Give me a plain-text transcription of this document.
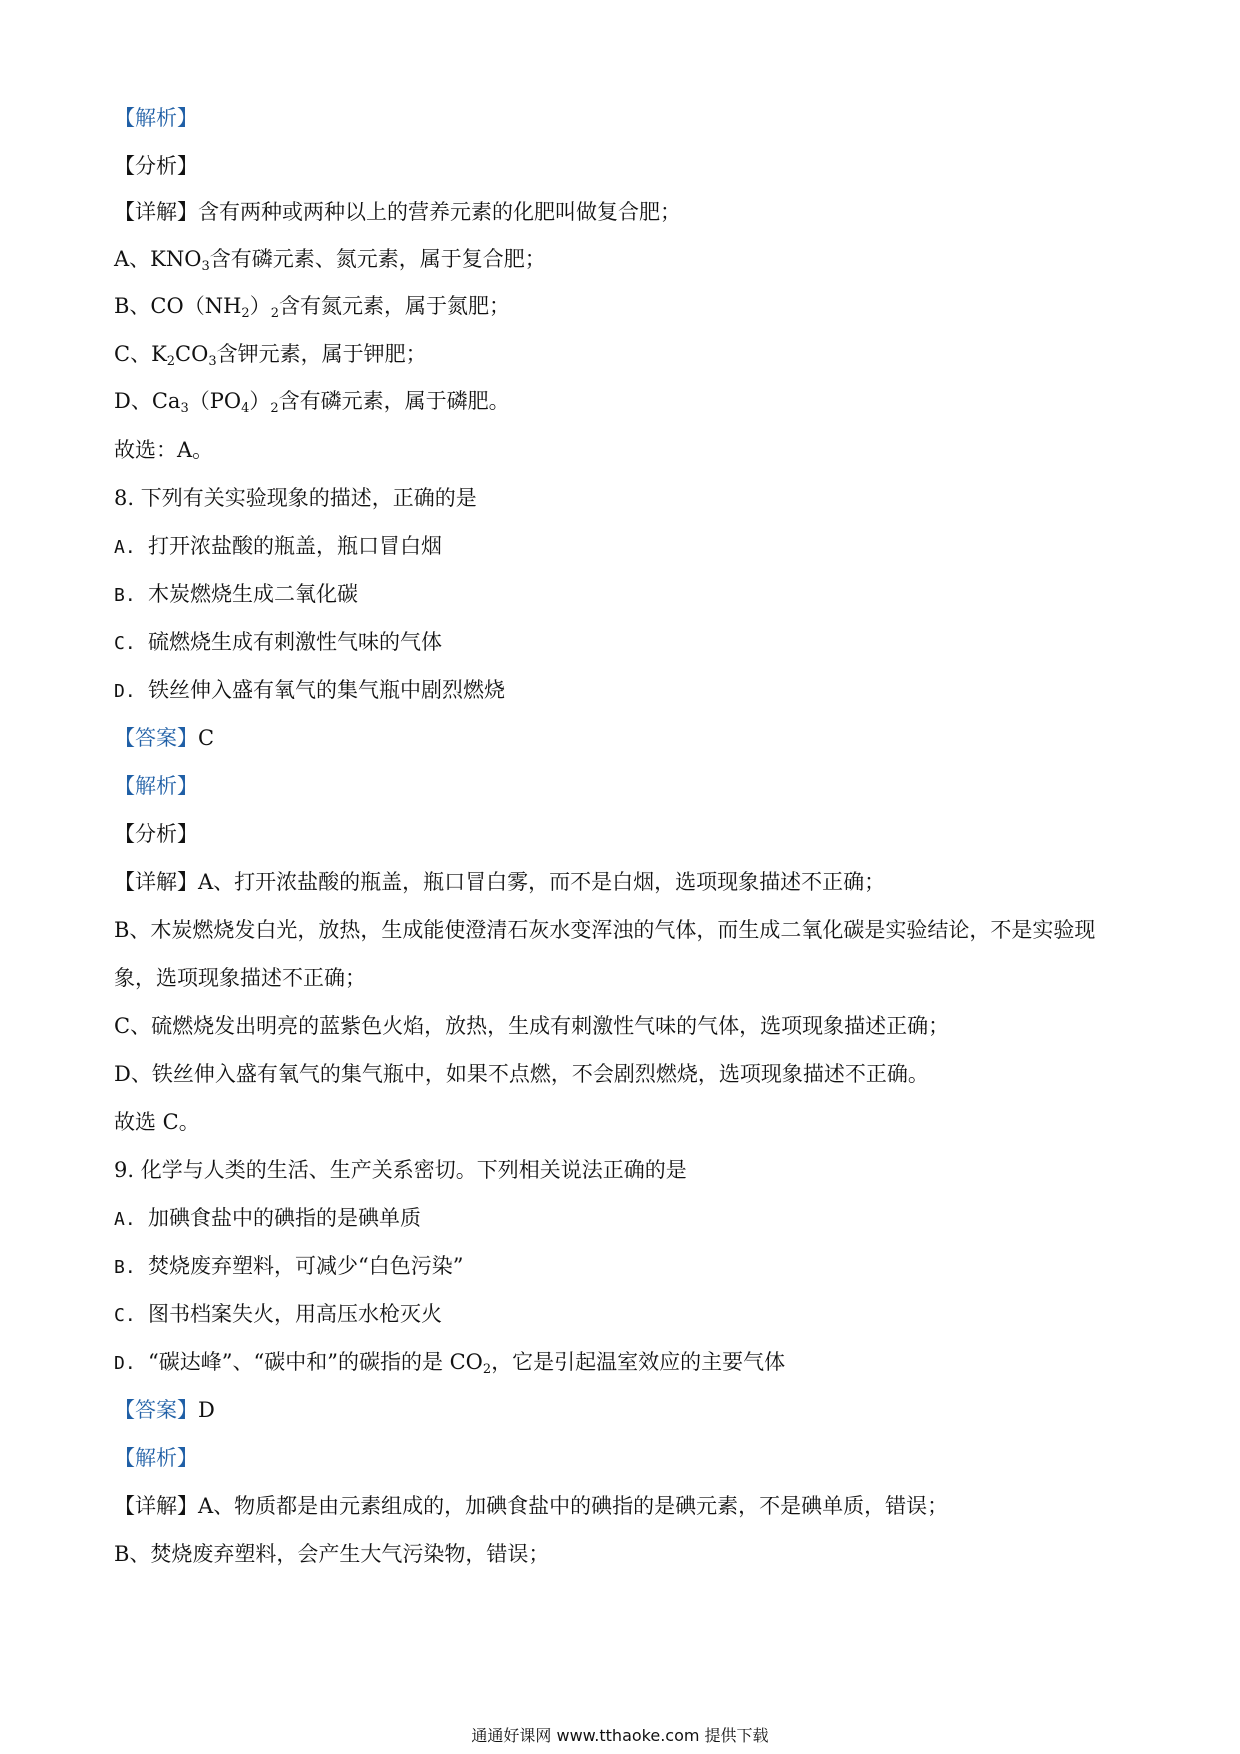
【解析】
【分析】
【详解】含有两种或两种以上的营养元素的化肥叫做复合肥；
A、$KNO_3$含有磷元素、氮元素，属于复合肥；
B、$CO(NH_2)_2$含有氮元素，属于氮肥；
C、$K_2CO_3$含钾元素，属于钾肥；
D、$Ca_3(PO_4)_2$含有磷元素，属于磷肥。
故选：A。
8. 下列有关实验现象的描述，正确的是
A. 打开浓盐酸的瓶盖，瓶口冒白烟
B. 木炭燃烧生成二氧化碳
C. 硫燃烧生成有刺激性气味的气体
D. 铁丝伸入盛有氧气的集气瓶中剧烈燃烧
【答案】C
【解析】
【分析】
【详解】A、打开浓盐酸的瓶盖，瓶口冒白雾，而不是白烟，选项现象描述不正确；
B、木炭燃烧发白光，放热，生成能使澄清石灰水变浑浊的气体，而生成二氧化碳是实验结论，不是实验现
象，选项现象描述不正确；
C、硫燃烧发出明亮的蓝紫色火焰，放热，生成有刺激性气味的气体，选项现象描述正确；
D、铁丝伸入盛有氧气的集气瓶中，如果不点燃，不会剧烈燃烧，选项现象描述不正确。
故选 C。
9. 化学与人类的生活、生产关系密切。下列相关说法正确的是
A. 加碘食盐中的碘指的是碘单质
B. 焚烧废弃塑料，可减少“白色污染”
C. 图书档案失火，用高压水枪灭火
D. “碳达峰”、“碳中和”的碳指的是 $CO_2$，它是引起温室效应的主要气体
【答案】D
【解析】
【详解】A、物质都是由元素组成的，加碘食盐中的碘指的是碘元素，不是碘单质，错误；
B、焚烧废弃塑料，会产生大气污染物，错误；
通通好课网 www.tthaoke.com 提供下载
